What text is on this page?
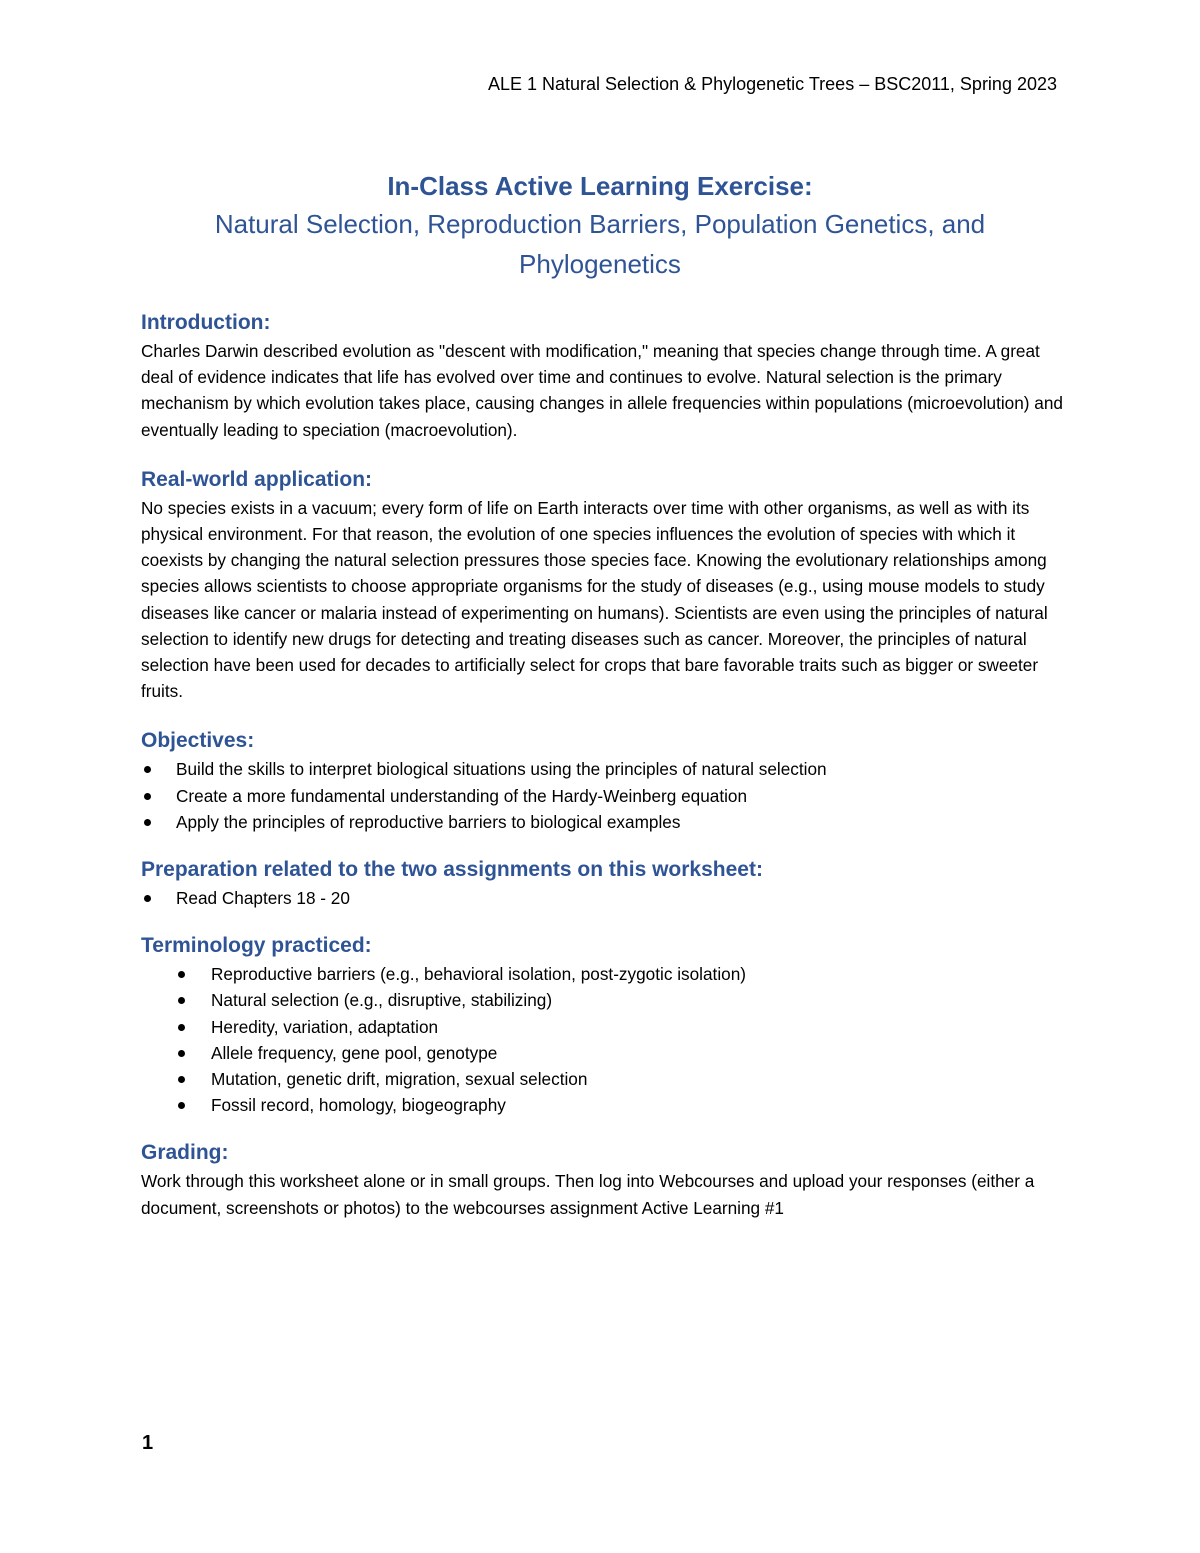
ALE 1 Natural Selection & Phylogenetic Trees – BSC2011, Spring 2023
In-Class Active Learning Exercise:
Natural Selection, Reproduction Barriers, Population Genetics, and Phylogenetics
Introduction:

Charles Darwin described evolution as "descent with modification," meaning that species change through time. A great deal of evidence indicates that life has evolved over time and continues to evolve. Natural selection is the primary mechanism by which evolution takes place, causing changes in allele frequencies within populations (microevolution) and eventually leading to speciation (macroevolution).

Real-world application:

No species exists in a vacuum; every form of life on Earth interacts over time with other organisms, as well as with its physical environment. For that reason, the evolution of one species influences the evolution of species with which it coexists by changing the natural selection pressures those species face. Knowing the evolutionary relationships among species allows scientists to choose appropriate organisms for the study of diseases (e.g., using mouse models to study diseases like cancer or malaria instead of experimenting on humans). Scientists are even using the principles of natural selection to identify new drugs for detecting and treating diseases such as cancer. Moreover, the principles of natural selection have been used for decades to artificially select for crops that bare favorable traits such as bigger or sweeter fruits.

Objectives:
Build the skills to interpret biological situations using the principles of natural selection
Create a more fundamental understanding of the Hardy-Weinberg equation
Apply the principles of reproductive barriers to biological examples
Preparation related to the two assignments on this worksheet:
Read Chapters 18 - 20
Terminology practiced:
Reproductive barriers (e.g., behavioral isolation, post-zygotic isolation)
Natural selection (e.g., disruptive, stabilizing)
Heredity, variation, adaptation
Allele frequency, gene pool, genotype
Mutation, genetic drift, migration, sexual selection
Fossil record, homology, biogeography
Grading:

Work through this worksheet alone or in small groups. Then log into Webcourses and upload your responses (either a document, screenshots or photos) to the webcourses assignment Active Learning #1

1
